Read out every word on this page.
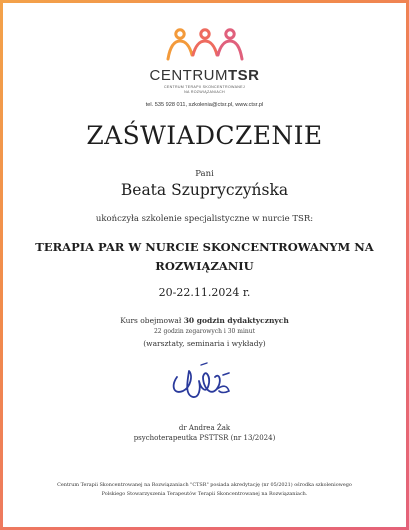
CENTRUMTSR
CENTRUM TERAPII SKONCENTROWANEJ
NA ROZWIĄZANIACH
tel. 535 928 011, szkolenia@ctsr.pl, www.ctsr.pl
ZAŚWIADCZENIE
Pani
Beata Szupryczyńska
ukończyła szkolenie specjalistyczne w nurcie TSR:
TERAPIA PAR W NURCIE SKONCENTROWANYM NA ROZWIĄZANIU
20-22.11.2024 r.
Kurs obejmował 30 godzin dydaktycznych
22 godzin zegarowych i 30 minut
(warsztaty, seminaria i wykłady)
dr Andrea Żak
psychoterapeutka PSTTSR (nr 13/2024)
Centrum Terapii Skoncentrowanej na Rozwiązaniach "CTSR" posiada akredytację (nr 05/2021) ośrodka szkoleniowego
Polskiego Stowarzyszenia Terapeutów Terapii Skoncentrowanej na Rozwiązaniach.
